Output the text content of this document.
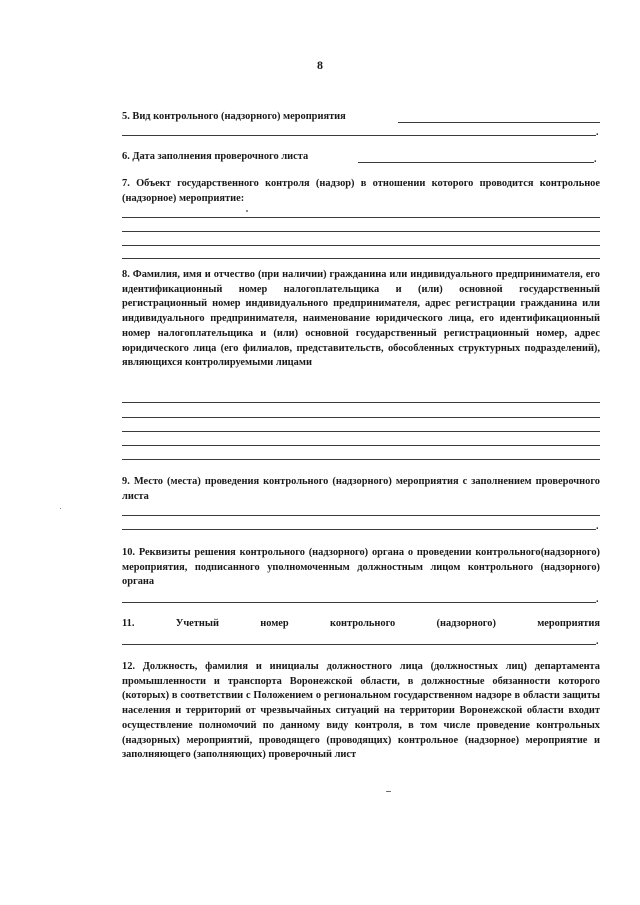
8
5. Вид контрольного (надзорного) мероприятия
.
6. Дата заполнения проверочного листа	.
7. Объект государственного контроля (надзор) в отношении которого проводится контрольное (надзорное) мероприятие:
8. Фамилия, имя и отчество (при наличии) гражданина или индивидуального предпринимателя, его идентификационный номер налогоплательщика и (или) основной государственный регистрационный номер индивидуального предпринимателя, адрес регистрации гражданина или индивидуального предпринимателя, наименование юридического лица, его идентификационный номер налогоплательщика и (или) основной государственный регистрационный номер, адрес юридического лица (его филиалов, представительств, обособленных структурных подразделений), являющихся контролируемыми лицами
9. Место (места) проведения контрольного (надзорного) мероприятия с заполнением проверочного листа
.
10. Реквизиты решения контрольного (надзорного) органа о проведении контрольного(надзорного) мероприятия, подписанного уполномоченным должностным лицом контрольного (надзорного) органа
.
11.	Учетный	номер	контрольного	(надзорного)	мероприятия
.
12. Должность, фамилия и инициалы должностного лица (должностных лиц) департамента промышленности и транспорта Воронежской области, в должностные обязанности которого (которых) в соответствии с Положением о региональном государственном надзоре в области защиты населения и территорий от чрезвычайных ситуаций на территории Воронежской области входит осуществление полномочий по данному виду контроля, в том числе проведение контрольных (надзорных) мероприятий, проводящего (проводящих) контрольное (надзорное) мероприятие и заполняющего (заполняющих) проверочный лист
